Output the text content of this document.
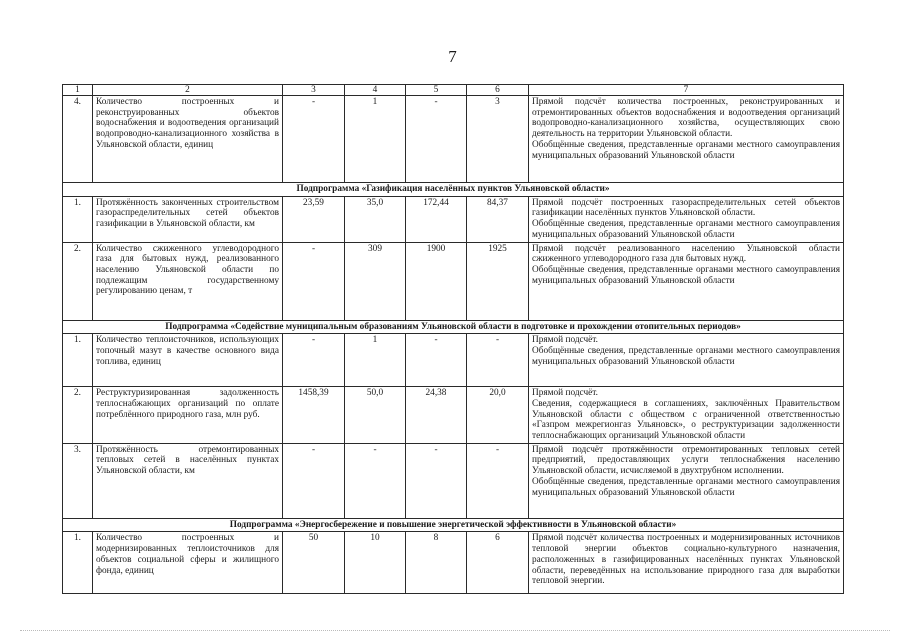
7
1	2	3	4	5	6	7
4.	Количество построенных и реконструированных объектов водоснабжения и водоотведения организаций водопроводно-канализационного хозяйства в Ульяновской области, единиц	-	1	-	3	Прямой подсчёт количества построенных, реконструированных и отремонтированных объектов водоснабжения и водоотведения организаций водопроводно-канализационного хозяйства, осуществляющих свою деятельность на территории Ульяновской области.

Обобщённые сведения, представленные органами местного самоуправления муниципальных образований Ульяновской области

Подпрограмма «Газификация населённых пунктов Ульяновской области»						
1.	Протяжённость законченных строительством газораспределительных сетей объектов газификации в Ульяновской области, км	23,59	35,0	172,44	84,37	Прямой подсчёт построенных газораспределительных сетей объектов газификации населённых пунктов Ульяновской области.

Обобщённые сведения, представленные органами местного самоуправления муниципальных образований Ульяновской области

2.	Количество сжиженного углеводородного газа для бытовых нужд, реализованного населению Ульяновской области по подлежащим государственному регулированию ценам, т	-	309	1900	1925	Прямой подсчёт реализованного населению Ульяновской области сжиженного углеводородного газа для бытовых нужд.

Обобщённые сведения, представленные органами местного самоуправления муниципальных образований Ульяновской области

Подпрограмма «Содействие муниципальным образованиям Ульяновской области в подготовке и прохождении отопительных периодов»						
1.	Количество теплоисточников, использующих топочный мазут в качестве основного вида топлива, единиц	-	1	-	-	Прямой подсчёт.

Обобщённые сведения, представленные органами местного самоуправления муниципальных образований Ульяновской области

2.	Реструктуризированная задолженность теплоснабжающих организаций по оплате потреблённого природного газа, млн руб.	1458,39	50,0	24,38	20,0	Прямой подсчёт.

Сведения, содержащиеся в соглашениях, заключённых Правительством Ульяновской области с обществом с ограниченной ответственностью «Газпром межрегионгаз Ульяновск», о реструктуризации задолженности теплоснабжающих организаций Ульяновской области

3.	Протяжённость отремонтированных тепловых сетей в населённых пунктах Ульяновской области, км	-	-	-	-	Прямой подсчёт протяжённости отремонтированных тепловых сетей предприятий, предоставляющих услуги теплоснабжения населению Ульяновской области, исчисляемой в двухтрубном исполнении.

Обобщённые сведения, представленные органами местного самоуправления муниципальных образований Ульяновской области

Подпрограмма «Энергосбережение и повышение энергетической эффективности в Ульяновской области»						
1.	Количество построенных и модернизированных теплоисточников для объектов социальной сферы и жилищного фонда, единиц	50	10	8	6	Прямой подсчёт количества построенных и модернизированных источников тепловой энергии объектов социально-культурного назначения, расположенных в газифицированных населённых пунктах Ульяновской области, переведённых на использование природного газа для выработки тепловой энергии.
